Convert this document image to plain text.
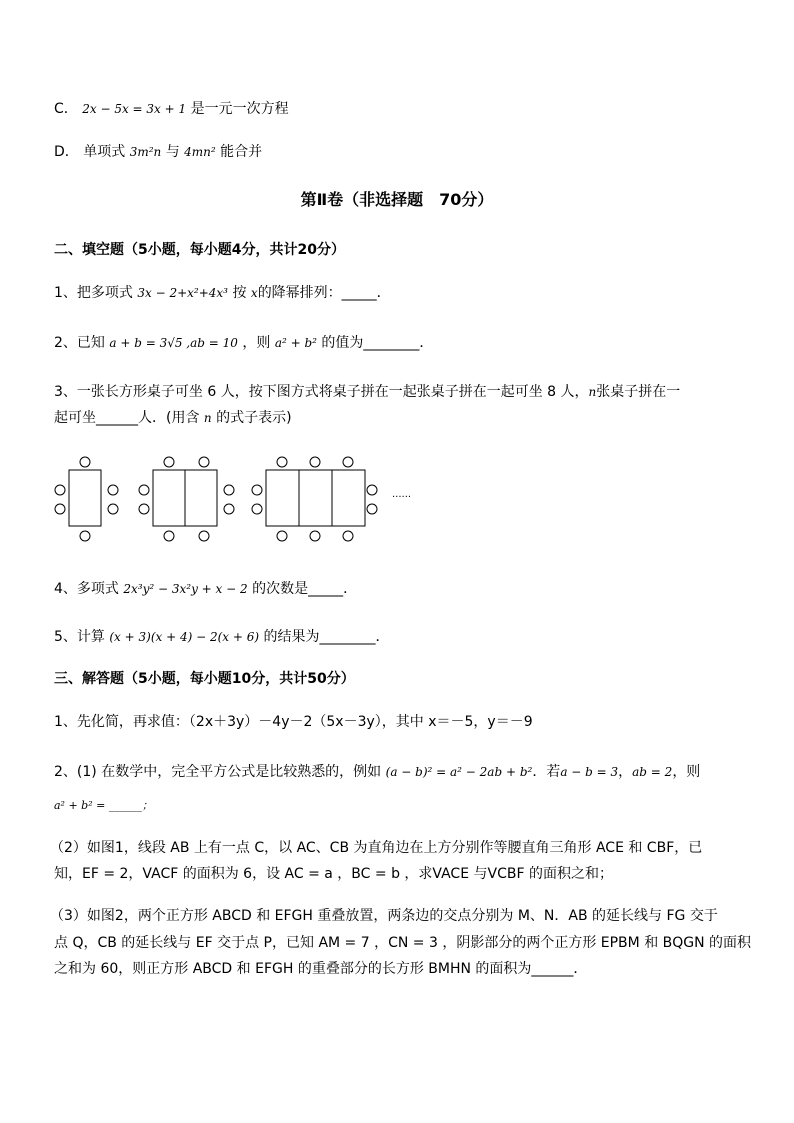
C． 2x − 5x = 3x + 1 是一元一次方程
D． 单项式 3m²n 与 4mn² 能合并
第Ⅱ卷（非选择题　70分）
二、填空题（5小题，每小题4分，共计20分）
1、把多项式 3x − 2+x²+4x³ 按 x的降幂排列：_____．
2、已知 a + b = 3√5 ,ab = 10 ，则 a² + b² 的值为________．
3、一张长方形桌子可坐 6 人，按下图方式将桌子拼在一起张桌子拼在一起可坐 8 人，n张桌子拼在一
起可坐______人．(用含 n 的式子表示)
······
4、多项式 2x³y² − 3x²y + x − 2 的次数是_____．
5、计算 (x + 3)(x + 4) − 2(x + 6) 的结果为________．
三、解答题（5小题，每小题10分，共计50分）
1、先化简，再求值：（2x＋3y）－4y－2（5x－3y），其中 x＝－5，y＝－9
2、(1) 在数学中，完全平方公式是比较熟悉的，例如 (a − b)² = a² − 2ab + b²．若a − b = 3，ab = 2，则
a² + b² = ______；
（2）如图1，线段 AB 上有一点 C，以 AC、CB 为直角边在上方分别作等腰直角三角形 ACE 和 CBF，已
知，EF = 2，VACF 的面积为 6，设 AC = a ，BC = b ，求VACE 与VCBF 的面积之和；
（3）如图2，两个正方形 ABCD 和 EFGH 重叠放置，两条边的交点分别为 M、N．AB 的延长线与 FG 交于
点 Q，CB 的延长线与 EF 交于点 P，已知 AM = 7 ，CN = 3 ，阴影部分的两个正方形 EPBM 和 BQGN 的面积
之和为 60，则正方形 ABCD 和 EFGH 的重叠部分的长方形 BMHN 的面积为______．
